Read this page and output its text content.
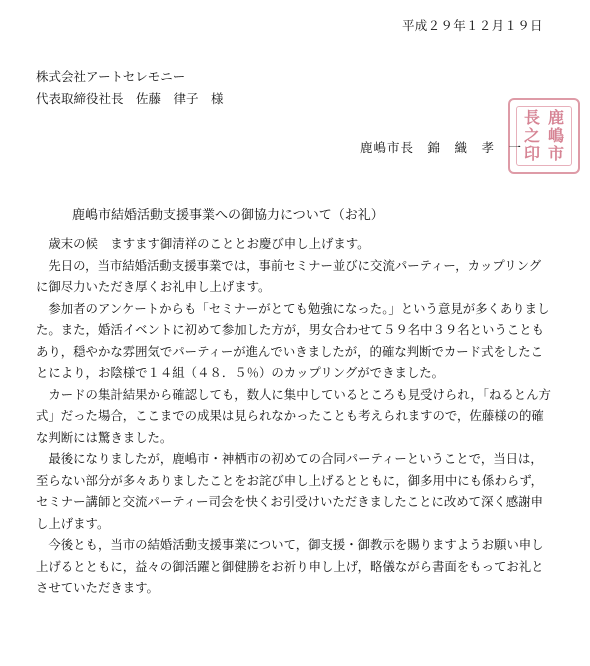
平成２９年１２月１９日
株式会社アートセレモニー
代表取締役社長　佐藤　律子　様
鹿
嶋
市
長
之
印
鹿嶋市長　錦　織　孝　一
鹿嶋市結婚活動支援事業への御協力について（お礼）

　歳末の候　ますます御清祥のこととお慶び申し上げます。

　先日の，当市結婚活動支援事業では，事前セミナー並びに交流パーティー，カップリング

に御尽力いただき厚くお礼申し上げます。

　参加者のアンケートからも「セミナーがとても勉強になった。」という意見が多くありまし

た。また，婚活イベントに初めて参加した方が，男女合わせて５９名中３９名ということも

あり，穏やかな雰囲気でパーティーが進んでいきましたが，的確な判断でカード式をしたこ

とにより，お陰様で１４組（４８．５％）のカップリングができました。

　カードの集計結果から確認しても，数人に集中しているところも見受けられ，「ねるとん方

式」だった場合，ここまでの成果は見られなかったことも考えられますので，佐藤様の的確

な判断には驚きました。

　最後になりましたが，鹿嶋市・神栖市の初めての合同パーティーということで，当日は，

至らない部分が多々ありましたことをお詫び申し上げるとともに，御多用中にも係わらず，

セミナー講師と交流パーティー司会を快くお引受けいただきましたことに改めて深く感謝申

し上げます。

　今後とも，当市の結婚活動支援事業について，御支援・御教示を賜りますようお願い申し

上げるとともに，益々の御活躍と御健勝をお祈り申し上げ，略儀ながら書面をもってお礼と

させていただきます。
